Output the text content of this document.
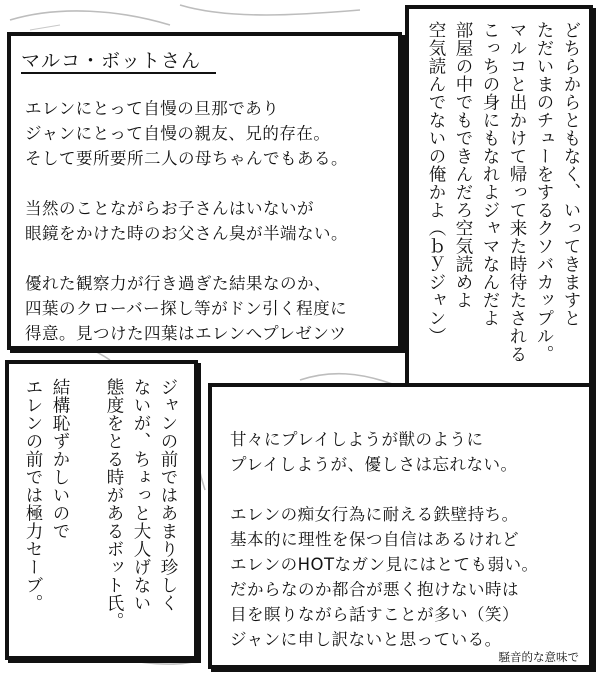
マルコ・ボットさん
エレンにとって自慢の旦那であり
ジャンにとって自慢の親友、兄的存在。
そして要所要所二人の母ちゃんでもある。
当然のことながらお子さんはいないが
眼鏡をかけた時のお父さん臭が半端ない。
優れた観察力が行き過ぎた結果なのか、
四葉のクローバー探し等がドン引く程度に
得意。見つけた四葉はエレンへプレゼンツ
どちらからともなく、いってきますと
ただいまのチューをするクソバカップル。
マルコと出かけて帰って来た時待たされる
こっちの身にもなれよジャマなんだよ
部屋の中でもできんだろ空気読めよ
空気読んでないの俺かよ（ｂｙジャン）
ジャンの前ではあまり珍しく
ないが、ちょっと大人げない
態度をとる時があるボット氏。
結構恥ずかしいので
エレンの前では極力セーブ。	甘々にプレイしようが獣のように
プレイしようが、優しさは忘れない。
エレンの痴女行為に耐える鉄壁持ち。
基本的に理性を保つ自信はあるけれど
エレンのHOTなガン見にはとても弱い。
だからなのか都合が悪く抱けない時は
目を瞑りながら話すことが多い（笑）
ジャンに申し訳ないと思っている。
騒音的な意味で
